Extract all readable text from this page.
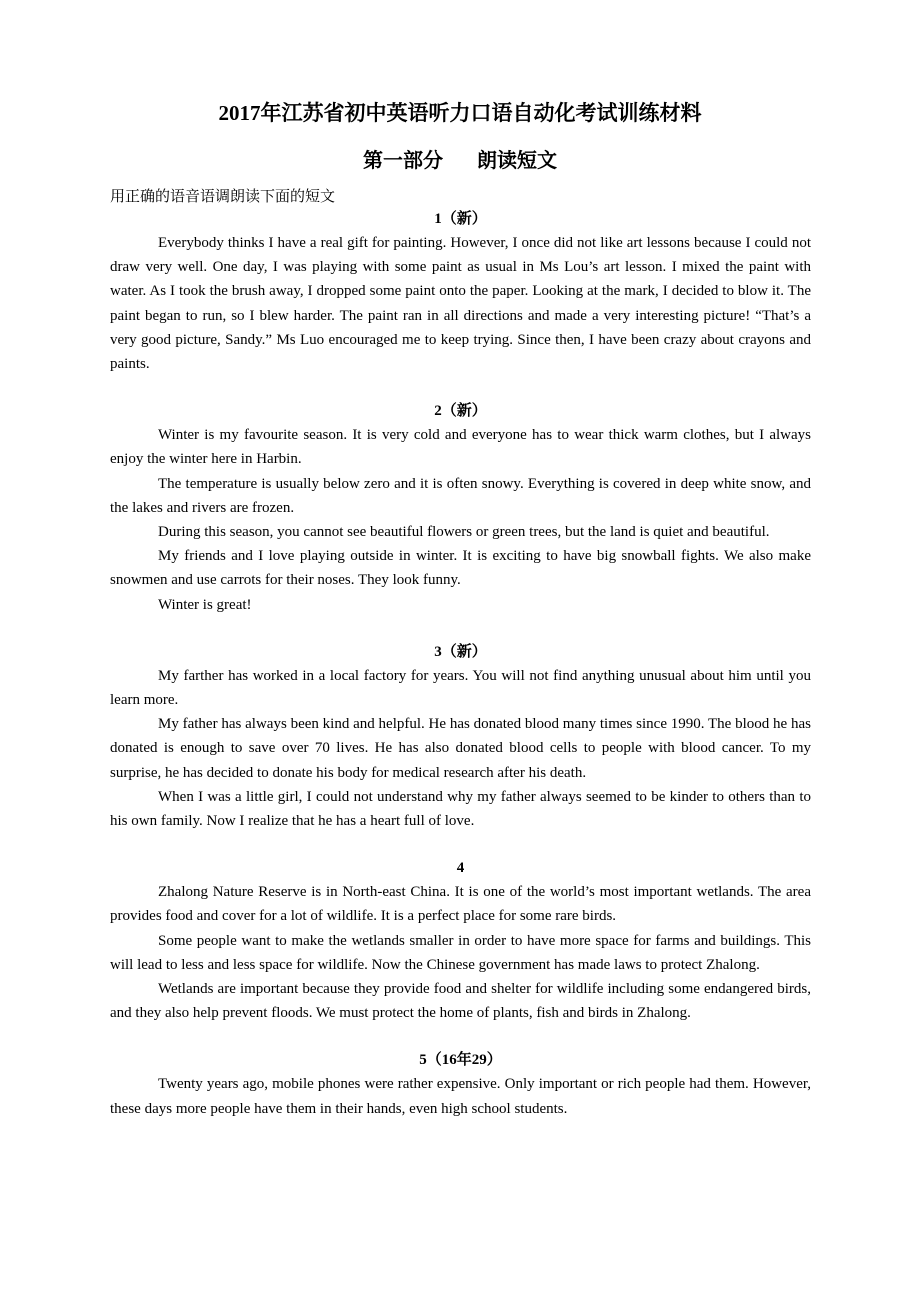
2017年江苏省初中英语听力口语自动化考试训练材料
第一部分 朗读短文

用正确的语音语调朗读下面的短文

1（新）

Everybody thinks I have a real gift for painting. However, I once did not like art lessons because I could not draw very well. One day, I was playing with some paint as usual in Ms Lou’s art lesson. I mixed the paint with water. As I took the brush away, I dropped some paint onto the paper. Looking at the mark, I decided to blow it. The paint began to run, so I blew harder. The paint ran in all directions and made a very interesting picture! “That’s a very good picture, Sandy.” Ms Luo encouraged me to keep trying. Since then, I have been crazy about crayons and paints.

2（新）

Winter is my favourite season. It is very cold and everyone has to wear thick warm clothes, but I always enjoy the winter here in Harbin.

The temperature is usually below zero and it is often snowy. Everything is covered in deep white snow, and the lakes and rivers are frozen.

During this season, you cannot see beautiful flowers or green trees, but the land is quiet and beautiful.

My friends and I love playing outside in winter. It is exciting to have big snowball fights. We also make snowmen and use carrots for their noses. They look funny.

Winter is great!

3（新）

My farther has worked in a local factory for years. You will not find anything unusual about him until you learn more.

My father has always been kind and helpful. He has donated blood many times since 1990. The blood he has donated is enough to save over 70 lives. He has also donated blood cells to people with blood cancer. To my surprise, he has decided to donate his body for medical research after his death.

When I was a little girl, I could not understand why my father always seemed to be kinder to others than to his own family. Now I realize that he has a heart full of love.

4

Zhalong Nature Reserve is in North-east China. It is one of the world’s most important wetlands. The area provides food and cover for a lot of wildlife. It is a perfect place for some rare birds.

Some people want to make the wetlands smaller in order to have more space for farms and buildings. This will lead to less and less space for wildlife. Now the Chinese government has made laws to protect Zhalong.

Wetlands are important because they provide food and shelter for wildlife including some endangered birds, and they also help prevent floods. We must protect the home of plants, fish and birds in Zhalong.

5（16年29）

Twenty years ago, mobile phones were rather expensive. Only important or rich people had them. However, these days more people have them in their hands, even high school students.
